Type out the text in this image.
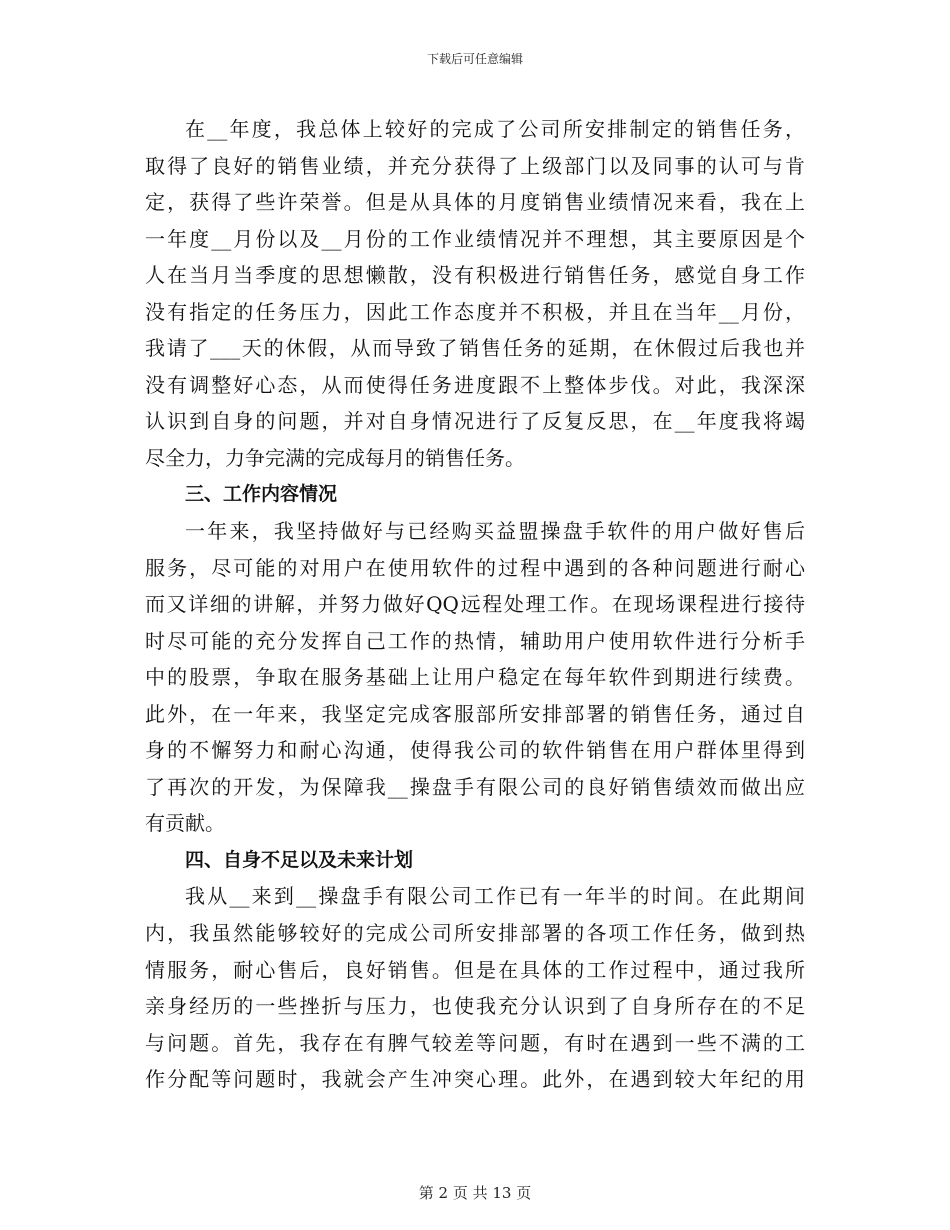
下载后可任意编辑
在__年度，我总体上较好的完成了公司所安排制定的销售任务，
取得了良好的销售业绩，并充分获得了上级部门以及同事的认可与肯
定，获得了些许荣誉。但是从具体的月度销售业绩情况来看，我在上
一年度__月份以及__月份的工作业绩情况并不理想，其主要原因是个
人在当月当季度的思想懒散，没有积极进行销售任务，感觉自身工作
没有指定的任务压力，因此工作态度并不积极，并且在当年__月份，
我请了___天的休假，从而导致了销售任务的延期，在休假过后我也并
没有调整好心态，从而使得任务进度跟不上整体步伐。对此，我深深
认识到自身的问题，并对自身情况进行了反复反思，在__年度我将竭
尽全力，力争完满的完成每月的销售任务。
三、工作内容情况
一年来，我坚持做好与已经购买益盟操盘手软件的用户做好售后
服务，尽可能的对用户在使用软件的过程中遇到的各种问题进行耐心
而又详细的讲解，并努力做好QQ远程处理工作。在现场课程进行接待
时尽可能的充分发挥自己工作的热情，辅助用户使用软件进行分析手
中的股票，争取在服务基础上让用户稳定在每年软件到期进行续费。
此外，在一年来，我坚定完成客服部所安排部署的销售任务，通过自
身的不懈努力和耐心沟通，使得我公司的软件销售在用户群体里得到
了再次的开发，为保障我__操盘手有限公司的良好销售绩效而做出应
有贡献。
四、自身不足以及未来计划
我从__来到__操盘手有限公司工作已有一年半的时间。在此期间
内，我虽然能够较好的完成公司所安排部署的各项工作任务，做到热
情服务，耐心售后，良好销售。但是在具体的工作过程中，通过我所
亲身经历的一些挫折与压力，也使我充分认识到了自身所存在的不足
与问题。首先，我存在有脾气较差等问题，有时在遇到一些不满的工
作分配等问题时，我就会产生冲突心理。此外，在遇到较大年纪的用
第 2 页 共 13 页
